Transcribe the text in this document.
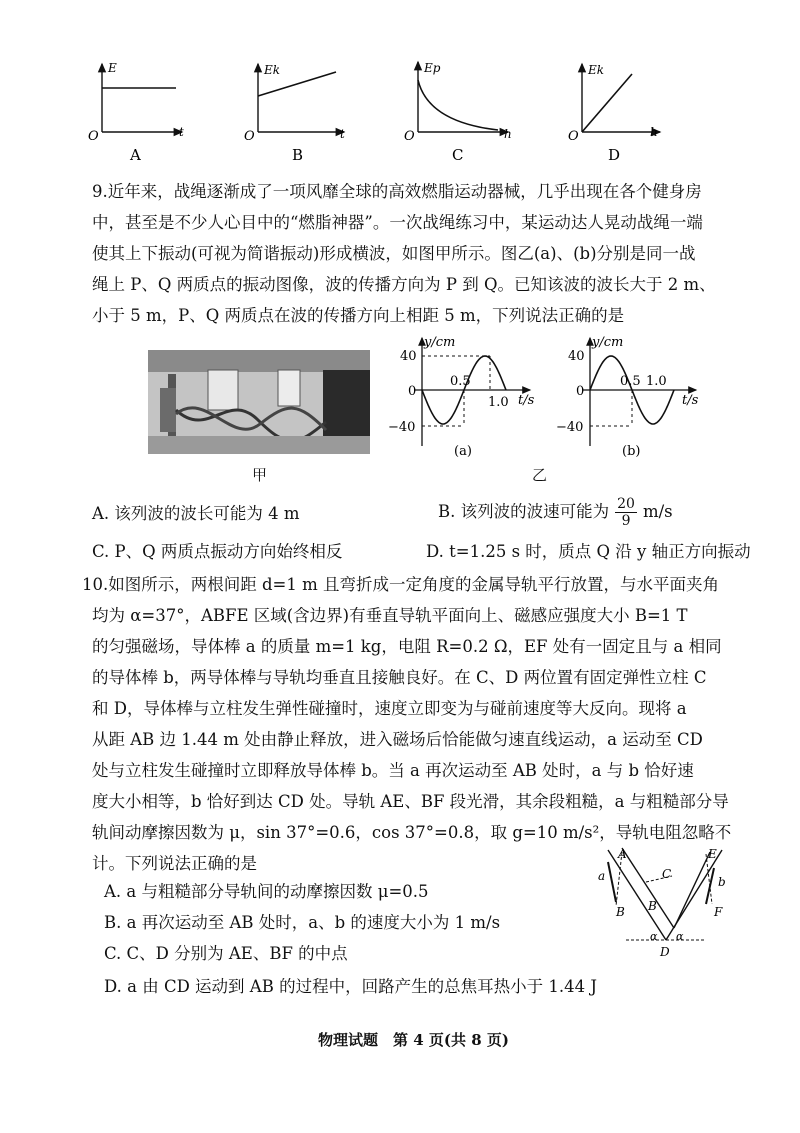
E
t
O
A
Ek
t
O
B
Ep
h
O
C
Ek
h
O
D

9.近年来，战绳逐渐成了一项风靡全球的高效燃脂运动器械，几乎出现在各个健身房

中，甚至是不少人心目中的“燃脂神器”。一次战绳练习中，某运动达人晃动战绳一端

使其上下振动(可视为简谐振动)形成横波，如图甲所示。图乙(a)、(b)分别是同一战

绳上 P、Q 两质点的振动图像，波的传播方向为 P 到 Q。已知该波的波长大于 2 m、

小于 5 m，P、Q 两质点在波的传播方向上相距 5 m，下列说法正确的是

甲
y/cm
t/s
40
−40
0
0.5
1.0
(a)
y/cm
t/s
40
−40
0
0.5 1.0
(b)
乙
A. 该列波的波长可能为 4 m	B. 该列波的波速可能为 $\frac{20}{9} m/s$
C. P、Q 两质点振动方向始终相反	D. t=1.25 s 时，质点 Q 沿 y 轴正方向振动

10.如图所示，两根间距 d=1 m 且弯折成一定角度的金属导轨平行放置，与水平面夹角

均为 α=37°，ABFE 区域(含边界)有垂直导轨平面向上、磁感应强度大小 B=1 T

的匀强磁场，导体棒 a 的质量 m=1 kg，电阻 R=0.2 Ω，EF 处有一固定且与 a 相同

的导体棒 b，两导体棒与导轨均垂直且接触良好。在 C、D 两位置有固定弹性立柱 C

和 D，导体棒与立柱发生弹性碰撞时，速度立即变为与碰前速度等大反向。现将 a

从距 AB 边 1.44 m 处由静止释放，进入磁场后恰能做匀速直线运动，a 运动至 CD

处与立柱发生碰撞时立即释放导体棒 b。当 a 再次运动至 AB 处时，a 与 b 恰好速

度大小相等，b 恰好到达 CD 处。导轨 AE、BF 段光滑，其余段粗糙，a 与粗糙部分导

轨间动摩擦因数为 μ，sin 37°=0.6，cos 37°=0.8，取 g=10 m/s²，导轨电阻忽略不

计。下列说法正确的是

A. a 与粗糙部分导轨间的动摩擦因数 μ=0.5
B. a 再次运动至 AB 处时，a、b 的速度大小为 1 m/s
C. C、D 分别为 AE、BF 的中点
D. a 由 CD 运动到 AB 的过程中，回路产生的总焦耳热小于 1.44 J
A
B
C
B
D
E
F
a	b
α α
物理试题　第 4 页(共 8 页)
